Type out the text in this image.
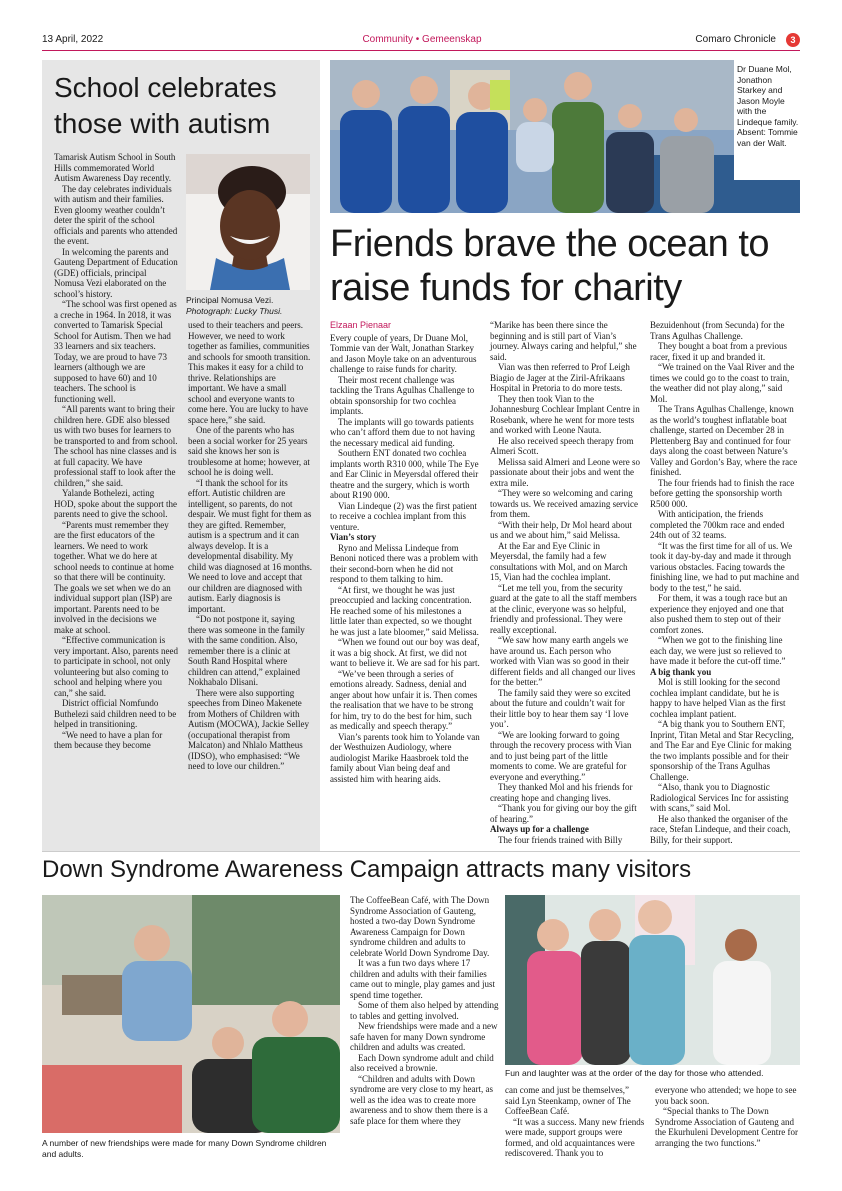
13 April, 2022	Community • Gemeenskap	Comaro Chronicle	3
School celebrates those with autism
Principal Nomusa Vezi.
Photograph: Lucky Thusi.

Tamarisk Autism School in South Hills commemorated World Autism Awareness Day recently.

The day celebrates individuals with autism and their families. Even gloomy weather couldn’t deter the spirit of the school officials and parents who attended the event.

In welcoming the parents and Gauteng Department of Education (GDE) officials, principal Nomusa Vezi elaborated on the school’s history.

“The school was first opened as a creche in 1964. In 2018, it was converted to Tamarisk Special School for Autism. Then we had 33 learners and six teachers. Today, we are proud to have 73 learners (although we are supposed to have 60) and 10 teachers. The school is functioning well.

“All parents want to bring their children here. GDE also blessed us with two buses for learners to be transported to and from school. The school has nine classes and is at full capacity. We have professional staff to look after the children,” she said.

Yalande Bothelezi, acting HOD, spoke about the support the parents need to give the school.

“Parents must remember they are the first educators of the learners. We need to work together. What we do here at school needs to continue at home so that there will be continuity. The goals we set when we do an individual support plan (ISP) are important. Parents need to be involved in the decisions we make at school.

“Effective communication is very important. Also, parents need to participate in school, not only volunteering but also coming to school and helping where you can,” she said.

District official Nomfundo Buthelezi said children need to be helped in transitioning.

“We need to have a plan for them because they become

used to their teachers and peers. However, we need to work together as families, communities and schools for smooth transition. This makes it easy for a child to thrive. Relationships are important. We have a small school and everyone wants to come here. You are lucky to have space here,” she said.

One of the parents who has been a social worker for 25 years said she knows her son is troublesome at home; however, at school he is doing well.

“I thank the school for its effort. Autistic children are intelligent, so parents, do not despair. We must fight for them as they are gifted. Remember, autism is a spectrum and it can always develop. It is a developmental disability. My child was diagnosed at 16 months. We need to love and accept that our children are diagnosed with autism. Early diagnosis is important.

“Do not postpone it, saying there was someone in the family with the same condition. Also, remember there is a clinic at South Rand Hospital where children can attend,” explained Nokhabalo Dlisani.

There were also supporting speeches from Dineo Makenete from Mothers of Children with Autism (MOCWA), Jackie Selley (occupational therapist from Malcaton) and Nhlalo Mattheus (IDSO), who emphasised: “We need to love our children.”

Dr Duane Mol, Jonathon Starkey and Jason Moyle with the Lindeque family. Absent: Tommie van der Walt.
Friends brave the ocean to raise funds for charity

Elzaan Pienaar

Every couple of years, Dr Duane Mol, Tommie van der Walt, Jonathan Starkey and Jason Moyle take on an adventurous challenge to raise funds for charity.

Their most recent challenge was tackling the Trans Agulhas Challenge to obtain sponsorship for two cochlea implants.

The implants will go towards patients who can’t afford them due to not having the necessary medical aid funding.

Southern ENT donated two cochlea implants worth R310 000, while The Eye and Ear Clinic in Meyersdal offered their theatre and the surgery, which is worth about R190 000.

Vian Lindeque (2) was the first patient to receive a cochlea implant from this venture.

Vian’s story

Ryno and Melissa Lindeque from Benoni noticed there was a problem with their second-born when he did not respond to them talking to him.

“At first, we thought he was just preoccupied and lacking concentration. He reached some of his milestones a little later than expected, so we thought he was just a late bloomer,” said Melissa.

“When we found out our boy was deaf, it was a big shock. At first, we did not want to believe it. We are sad for his part.

“We’ve been through a series of emotions already. Sadness, denial and anger about how unfair it is. Then comes the realisation that we have to be strong for him, try to do the best for him, such as medically and speech therapy.”

Vian’s parents took him to Yolande van der Westhuizen Audiology, where audiologist Marike Haasbroek told the family about Vian being deaf and assisted him with hearing aids.

“Marike has been there since the beginning and is still part of Vian’s journey. Always caring and helpful,” she said.

Vian was then referred to Prof Leigh Biagio de Jager at the Ziril-Afrikaans Hospital in Pretoria to do more tests.

They then took Vian to the Johannesburg Cochlear Implant Centre in Rosebank, where he went for more tests and worked with Leone Nauta.

He also received speech therapy from Almeri Scott.

Melissa said Almeri and Leone were so passionate about their jobs and went the extra mile.

“They were so welcoming and caring towards us. We received amazing service from them.

“With their help, Dr Mol heard about us and we about him,” said Melissa.

At the Ear and Eye Clinic in Meyersdal, the family had a few consultations with Mol, and on March 15, Vian had the cochlea implant.

“Let me tell you, from the security guard at the gate to all the staff members at the clinic, everyone was so helpful, friendly and professional. They were really exceptional.

“We saw how many earth angels we have around us. Each person who worked with Vian was so good in their different fields and all changed our lives for the better.”

The family said they were so excited about the future and couldn’t wait for their little boy to hear them say ‘I love you’.

“We are looking forward to going through the recovery process with Vian and to just being part of the little moments to come. We are grateful for everyone and everything.”

They thanked Mol and his friends for creating hope and changing lives.

“Thank you for giving our boy the gift of hearing.”

Always up for a challenge

The four friends trained with Billy

Bezuidenhout (from Secunda) for the Trans Agulhas Challenge.

They bought a boat from a previous racer, fixed it up and branded it.

“We trained on the Vaal River and the times we could go to the coast to train, the weather did not play along,” said Mol.

The Trans Agulhas Challenge, known as the world’s toughest inflatable boat challenge, started on December 28 in Plettenberg Bay and continued for four days along the coast between Nature’s Valley and Gordon’s Bay, where the race finished.

The four friends had to finish the race before getting the sponsorship worth R500 000.

With anticipation, the friends completed the 700km race and ended 24th out of 32 teams.

“It was the first time for all of us. We took it day-by-day and made it through various obstacles. Facing towards the finishing line, we had to put machine and body to the test,” he said.

For them, it was a tough race but an experience they enjoyed and one that also pushed them to step out of their comfort zones.

“When we got to the finishing line each day, we were just so relieved to have made it before the cut-off time.”

A big thank you

Mol is still looking for the second cochlea implant candidate, but he is happy to have helped Vian as the first cochlea implant patient.

“A big thank you to Southern ENT, Inprint, Titan Metal and Star Recycling, and The Ear and Eye Clinic for making the two implants possible and for their sponsorship of the Trans Agulhas Challenge.

“Also, thank you to Diagnostic Radiological Services Inc for assisting with scans,” said Mol.

He also thanked the organiser of the race, Stefan Lindeque, and their coach, Billy, for their support.

Down Syndrome Awareness Campaign attracts many visitors
A number of new friendships were made for many Down Syndrome children and adults.

The CoffeeBean Café, with The Down Syndrome Association of Gauteng, hosted a two-day Down Syndrome Awareness Campaign for Down syndrome children and adults to celebrate World Down Syndrome Day.

It was a fun two days where 17 children and adults with their families came out to mingle, play games and just spend time together.

Some of them also helped by attending to tables and getting involved.

New friendships were made and a new safe haven for many Down syndrome children and adults was created.

Each Down syndrome adult and child also received a brownie.

“Children and adults with Down syndrome are very close to my heart, as well as the idea was to create more awareness and to show them there is a safe place for them where they

Fun and laughter was at the order of the day for those who attended.

can come and just be themselves,” said Lyn Steenkamp, owner of The CoffeeBean Café.

“It was a success. Many new friends were made, support groups were formed, and old acquaintances were rediscovered. Thank you to

everyone who attended; we hope to see you back soon.

“Special thanks to The Down Syndrome Association of Gauteng and the Ekurhuleni Development Centre for arranging the two functions.”
